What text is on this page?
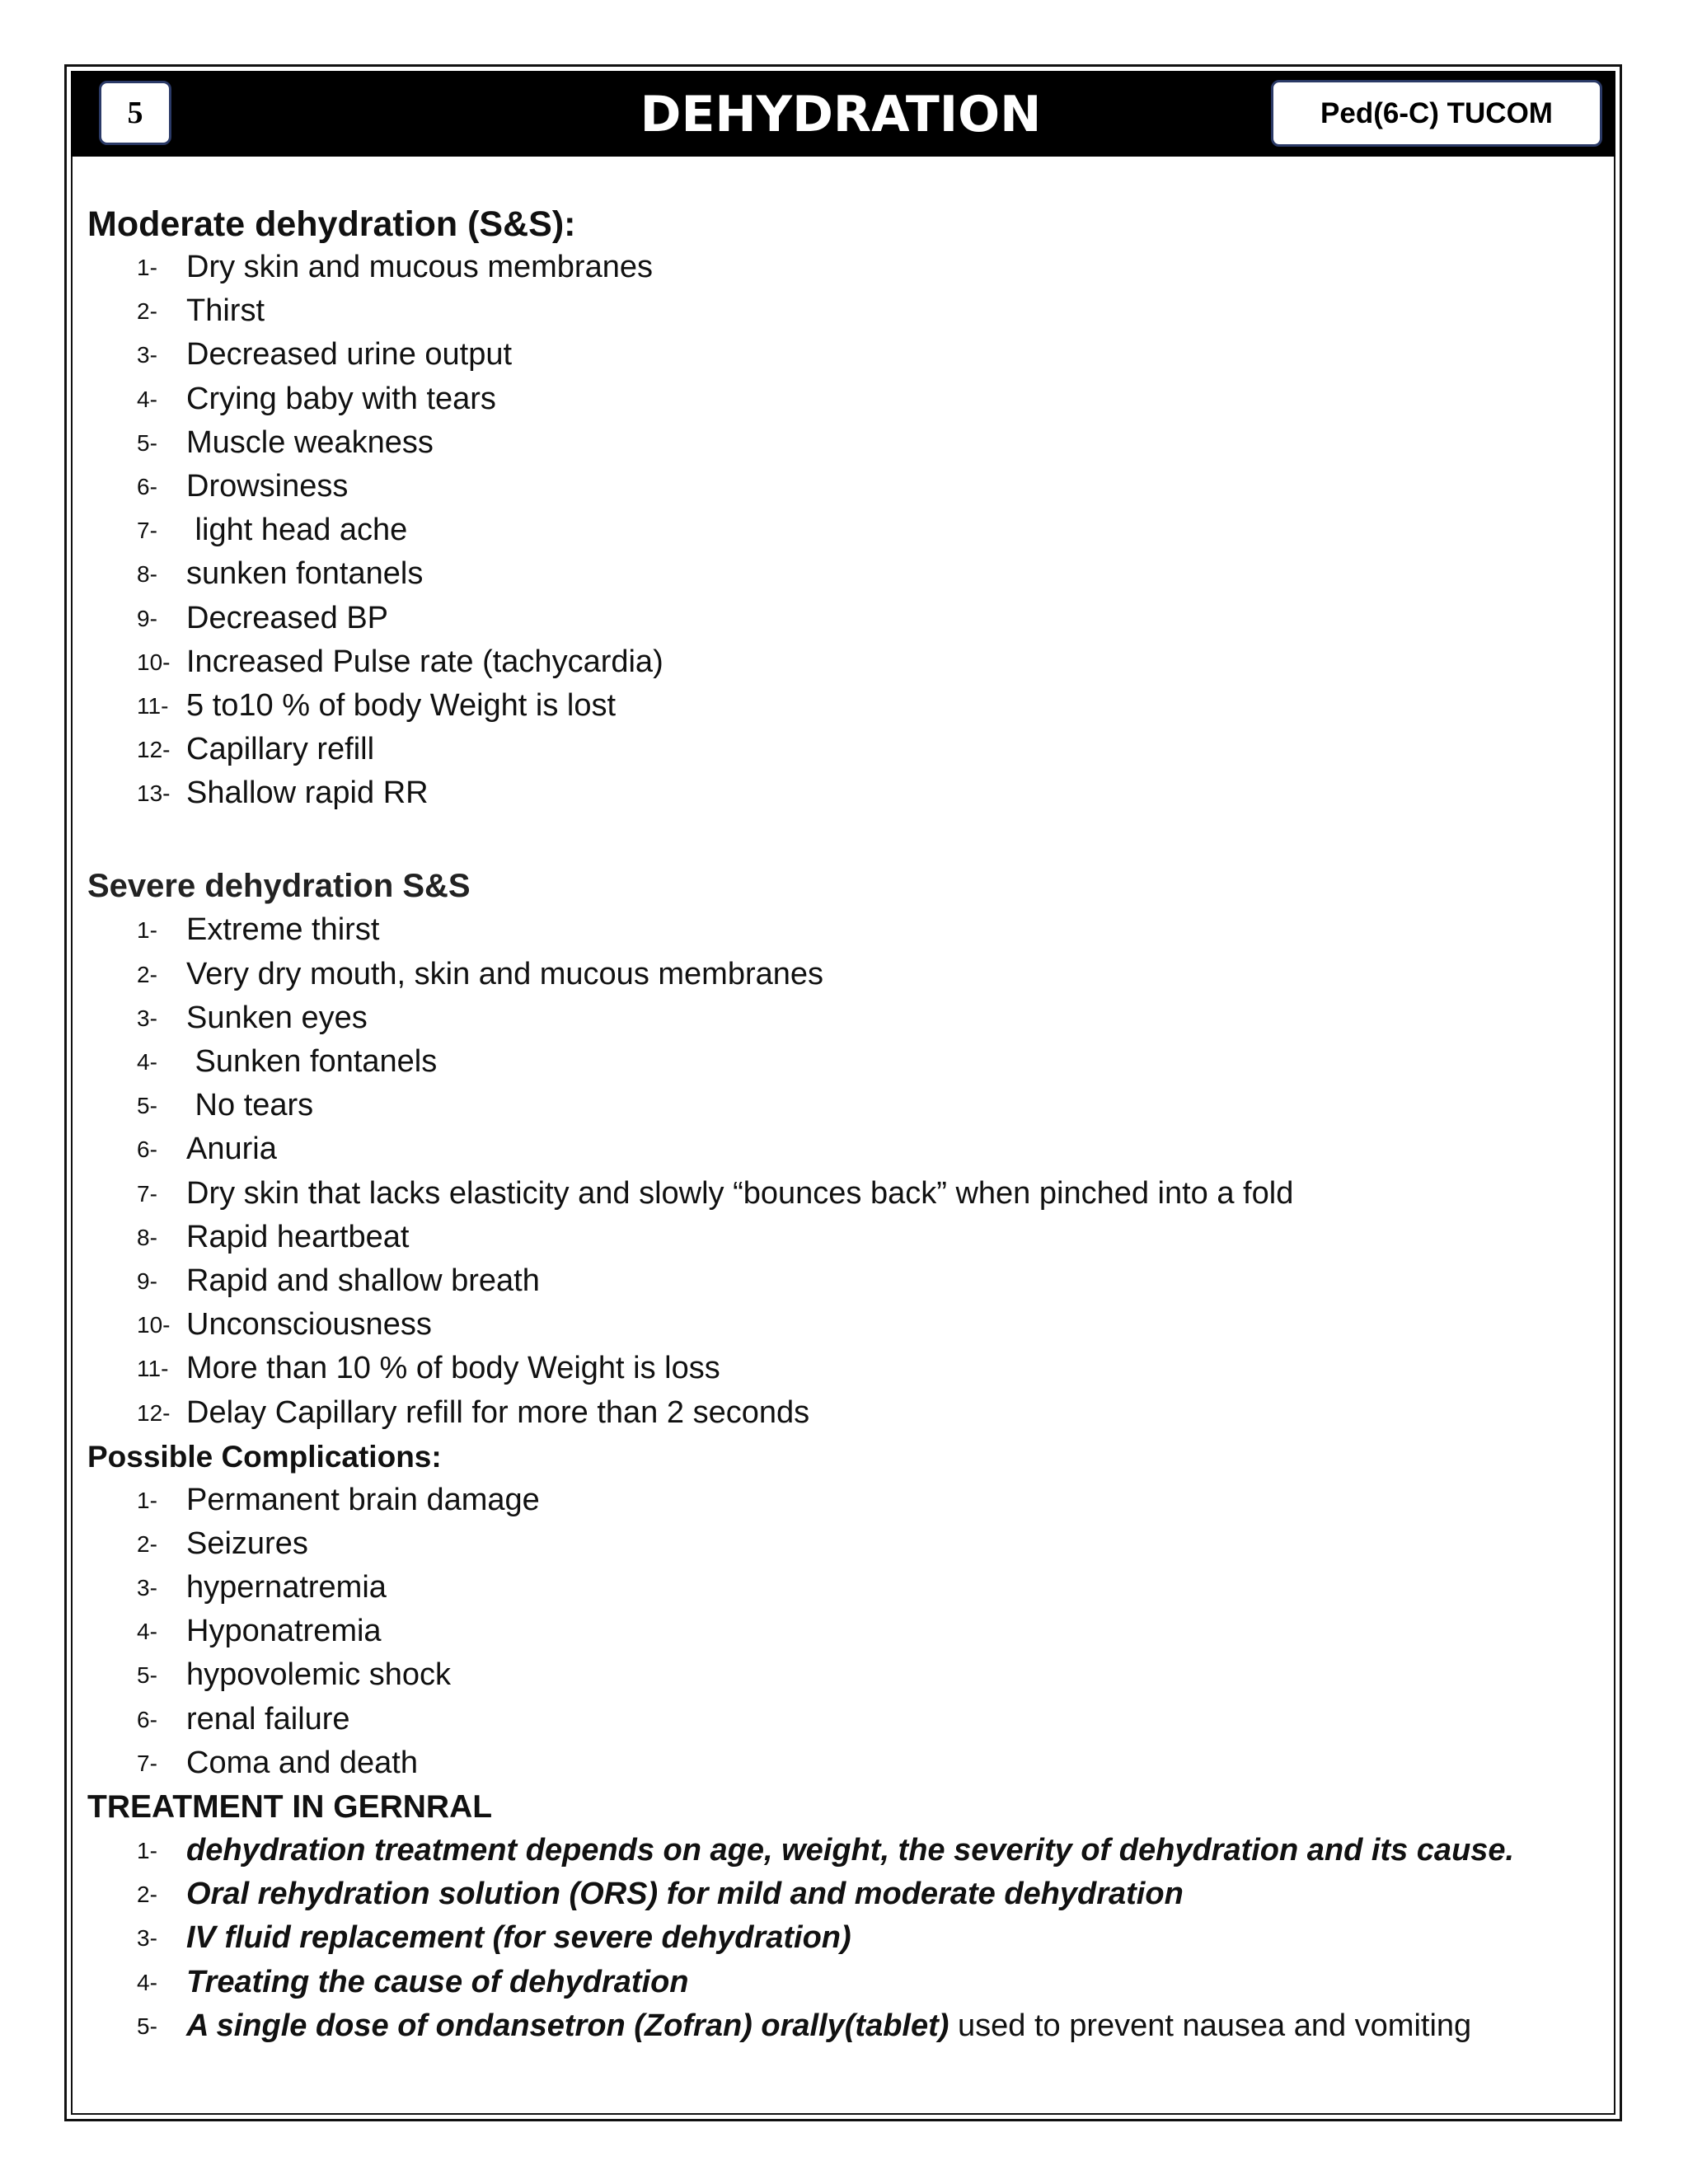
5	DEHYDRATION	Ped(6-C) TUCOM
Moderate dehydration (S&S):
1- Dry skin and mucous membranes
2- Thirst
3- Decreased urine output
4- Crying baby with tears
5- Muscle weakness
6- Drowsiness
7- light head ache
8- sunken fontanels
9- Decreased BP
10- Increased Pulse rate (tachycardia)
11- 5 to10 % of body Weight is lost
12- Capillary refill
13- Shallow rapid RR
Severe dehydration S&S
1- Extreme thirst
2- Very dry mouth, skin and mucous membranes
3- Sunken eyes
4- Sunken fontanels
5- No tears
6- Anuria
7- Dry skin that lacks elasticity and slowly “bounces back” when pinched into a fold
8- Rapid heartbeat
9- Rapid and shallow breath
10- Unconsciousness
11- More than 10 % of body Weight is loss
12- Delay Capillary refill for more than 2 seconds
Possible Complications:
1- Permanent brain damage
2- Seizures
3- hypernatremia
4- Hyponatremia
5- hypovolemic shock
6- renal failure
7- Coma and death
TREATMENT IN GERNRAL
1- dehydration treatment depends on age, weight, the severity of dehydration and its cause.
2- Oral rehydration solution (ORS) for mild and moderate dehydration
3- IV fluid replacement (for severe dehydration)
4- Treating the cause of dehydration
5- A single dose of ondansetron (Zofran) orally(tablet) used to prevent nausea and vomiting
